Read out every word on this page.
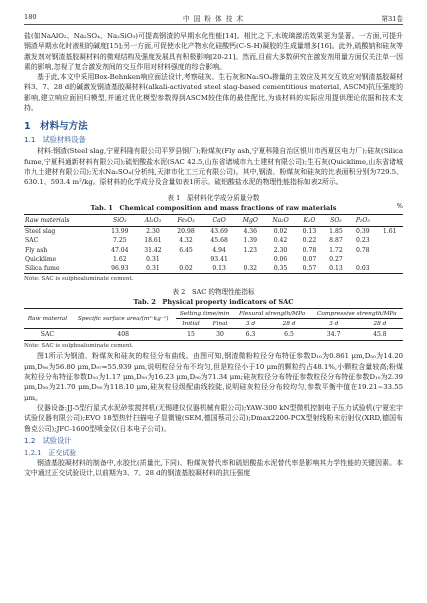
180	中 国 粉 体 技 术	第31卷

盐(如NaAlO₂、Na₂SO₄、Na₂SiO₃)可提高钢渣的早期水化性能[14]。相比之下,水玻璃激活效果更为显著。一方面,可提升钢渣早期水化时液相的碱度[15];另一方面,可促使水化产物水化硅酸钙(C-S-H)凝胶的生成量增多[16]。此外,硫酸钠和硅灰等激发剂对钢渣基胶凝材料的微观结构及强度发展具有积极影响[20-21]。然而,目前大多数研究在激发剂用量方面仅关注单一因素的影响,忽视了复合激发剂间的交互作用对材料强度的综合影响。

基于此,本文中采用Box-Behnken响应面法设计,考察硅灰、生石灰和Na₂SO₄掺量的主效应及其交互效应对钢渣基胶凝材料3、7、28 d的碱激发钢渣基胶凝材料(alkali-activated steel slag-based cementitious material, ASCM)抗压强度的影响,建立响应面回归模型,并通过优化模型参数得到ASCM较佳体的最佳配比,为该材料的实际应用提供理论依据和技术支持。

1　材料与方法
1.1　试验材料设备

材料:钢渣(Steel slag,宁夏科隆有限公司平罗县钢厂);粉煤灰(Fly ash,宁夏科隆自治区银川市西夏区电力厂);硅灰(Silica fume,宁夏科通新材料有限公司);硫铝酸盐水泥(SAC 42.5,山东省诸城市九土建材有限公司);生石灰(Quicklime,山东省诸城市九土建材有限公司);无水Na₂SO₄(分析纯,天津市化工三元有限公司)。其中,钢渣、粉煤灰和硅灰的比表面积分别为729.5、630.1、593.4 m²/kg。原材料的化学成分及含量如表1所示。硫铝酸盐水泥的物理性能指标如表2所示。

表 1　原材料化学成分质量分数
Tab. 1　Chemical composition and mass fractions of raw materials	%
Raw materials	SiO₂	Al₂O₃	Fe₂O₃	CaO	MgO	Na₂O	K₂O	SO₃	P₂O₅	
Steel slag	13.99	2.30	20.98	43.69	4.36	0.02	0.13	1.85	0.39	1.61
SAC	7.25	18.61	4.32	45.68	1.39	0.42	0.22	8.87	0.23	
Fly ash	47.04	31.42	6.45	4.94	1.23	2.30	0.78	1.72	0.78	
Quicklime	1.62	0.31		93.41		0.06	0.07	0.27		
Silica fume	96.93	0.31	0.02	0.13	0.32	0.35	0.57	0.13	0.03	
Note: SAC is sulphoaluminate cement.
表 2　SAC 的物理性能指标
Tab. 2　Physical property indicators of SAC
Raw material	Specific surface area/(m²·kg⁻¹)	Setting time/min		Flexural strength/MPa		Compressive strength/MPa	
		Initial	Final	3 d	28 d	3 d	28 d
SAC	408	15	30	6.3	6.5	34.7	45.8
Note: SAC is sulphoaluminate cement.

图1所示为钢渣、粉煤灰和硅灰的粒径分布曲线。由图可知,钢渣微粉粒径分布特征参数D₁₀为0.861 μm,D₅₀为14.20 μm,D₉₀为56.80 μm,D₉₇=55.939 μm,说明粒径分布不均匀,但是粒径小于10 μm的颗粒约占48.1%,小颗粒含量较高;粉煤灰粒径分布特征参数D₁₀为1.17 μm,D₅₀为16.23 μm,D₉₀为71.34 μm;硅灰粒径分布特征参数粒径分布特征参数D₁₀为2.39 μm,D₅₀为21.70 μm,D₉₀为118.10 μm,硅灰粒径级配曲线较陡,说明硅灰粒径分布较均匀,参数平衡中值在19.21~33.55 μm。

仪器设备:JJ-5型行星式水泥砂浆搅拌机(无锡建仪仪器机械有限公司);YAW-300 kN型微机控制电子压力试验机(宁夏宏宇试验仪器有限公司);EVO 18型热针扫描电子显微镜(SEM,德国蔡司公司);Dmax2200-PCX型射线粉末衍射仪(XRD,德国布鲁克公司);JFC-1600型喷金仪(日本电子公司)。

1.2　试验设计
1.2.1　正交试验

钢渣基胶凝材料的制备中,水胶比(质量比,下同)、粉煤灰替代率和硫铝酸盐水泥替代率是影响其力学性能的关键因素。本文中通过正交试验设计,以前期为3、7、28 d的钢渣基胶凝材料的抗压强度
